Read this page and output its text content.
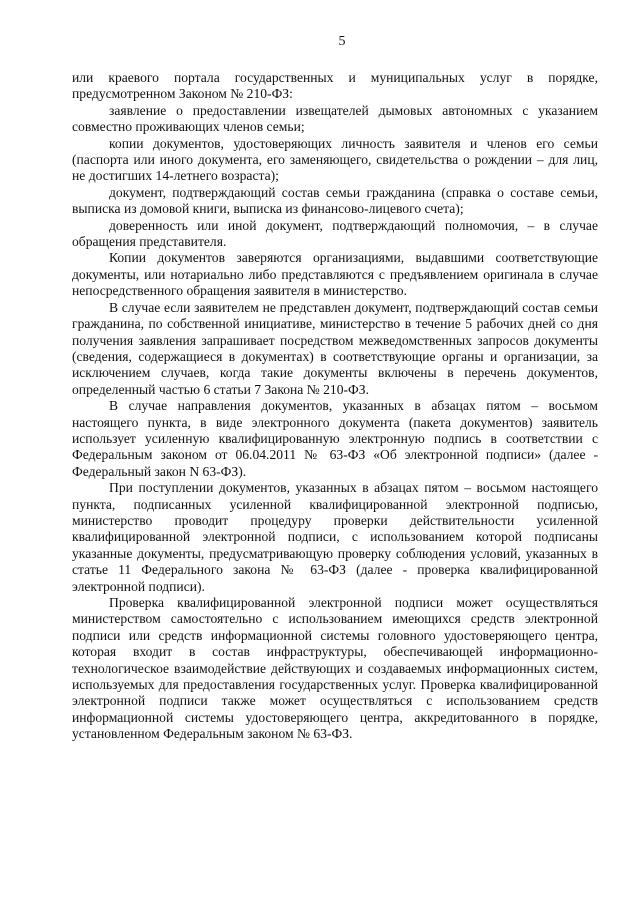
5

или краевого портала государственных и муниципальных услуг в порядке, предусмотренном Законом № 210-ФЗ:

заявление о предоставлении извещателей дымовых автономных с указанием совместно проживающих членов семьи;

копии документов, удостоверяющих личность заявителя и членов его семьи (паспорта или иного документа, его заменяющего, свидетельства о рождении – для лиц, не достигших 14-летнего возраста);

документ, подтверждающий состав семьи гражданина (справка о составе семьи, выписка из домовой книги, выписка из финансово-лицевого счета);

доверенность или иной документ, подтверждающий полномочия, – в случае обращения представителя.

Копии документов заверяются организациями, выдавшими соответствующие документы, или нотариально либо представляются с предъявлением оригинала в случае непосредственного обращения заявителя в министерство.

В случае если заявителем не представлен документ, подтверждающий состав семьи гражданина, по собственной инициативе, министерство в течение 5 рабочих дней со дня получения заявления запрашивает посредством межведомственных запросов документы (сведения, содержащиеся в документах) в соответствующие органы и организации, за исключением случаев, когда такие документы включены в перечень документов, определенный частью 6 статьи 7 Закона № 210-ФЗ.

В случае направления документов, указанных в абзацах пятом – восьмом настоящего пункта, в виде электронного документа (пакета документов) заявитель использует усиленную квалифицированную электронную подпись в соответствии с Федеральным законом от 06.04.2011 № 63-ФЗ «Об электронной подписи» (далее - Федеральный закон N 63-ФЗ).

При поступлении документов, указанных в абзацах пятом – восьмом настоящего пункта, подписанных усиленной квалифицированной электронной подписью, министерство проводит процедуру проверки действительности усиленной квалифицированной электронной подписи, с использованием которой подписаны указанные документы, предусматривающую проверку соблюдения условий, указанных в статье 11 Федерального закона № 63-ФЗ (далее - проверка квалифицированной электронной подписи).

Проверка квалифицированной электронной подписи может осуществляться министерством самостоятельно с использованием имеющихся средств электронной подписи или средств информационной системы головного удостоверяющего центра, которая входит в состав инфраструктуры, обеспечивающей информационно-технологическое взаимодействие действующих и создаваемых информационных систем, используемых для предоставления государственных услуг. Проверка квалифицированной электронной подписи также может осуществляться с использованием средств информационной системы удостоверяющего центра, аккредитованного в порядке, установленном Федеральным законом № 63-ФЗ.
